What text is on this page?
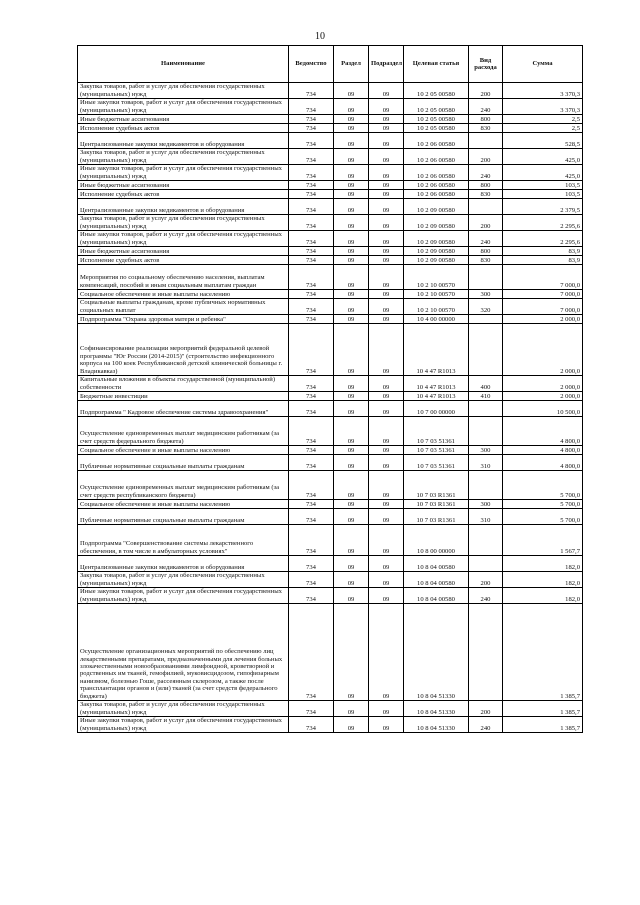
10
Наименование	Ведомство	Раздел	Подраздел	Целевая статья	Вид расхода	Сумма
Закупка товаров, работ и услуг для обеспечения государственных (муниципальных) нужд	734	09	09	10 2 05 00580	200	3 370,3
Иные закупки товаров, работ и услуг для обеспечения государственных (муниципальных) нужд	734	09	09	10 2 05 00580	240	3 370,3
Иные бюджетные ассигнования	734	09	09	10 2 05 00580	800	2,5
Исполнение судебных актов	734	09	09	10 2 05 00580	830	2,5
Централизованные закупки медикаментов и оборудования	734	09	09	10 2 06 00580		528,5
Закупка товаров, работ и услуг для обеспечения государственных (муниципальных) нужд	734	09	09	10 2 06 00580	200	425,0
Иные закупки товаров, работ и услуг для обеспечения государственных (муниципальных) нужд	734	09	09	10 2 06 00580	240	425,0
Иные бюджетные ассигнования	734	09	09	10 2 06 00580	800	103,5
Исполнение судебных актов	734	09	09	10 2 06 00580	830	103,5
Централизованные закупки медикаментов и оборудования	734	09	09	10 2 09 00580		2 379,5
Закупка товаров, работ и услуг для обеспечения государственных (муниципальных) нужд	734	09	09	10 2 09 00580	200	2 295,6
Иные закупки товаров, работ и услуг для обеспечения государственных (муниципальных) нужд	734	09	09	10 2 09 00580	240	2 295,6
Иные бюджетные ассигнования	734	09	09	10 2 09 00580	800	83,9
Исполнение судебных актов	734	09	09	10 2 09 00580	830	83,9
Мероприятия по социальному обеспечению населения, выплатам компенсаций, пособий и иным социальным выплатам граждан	734	09	09	10 2 10 00570		7 000,0
Социальное обеспечение и иные выплаты населению	734	09	09	10 2 10 00570	300	7 000,0
Социальные выплаты гражданам, кроме публичных нормативных социальных выплат	734	09	09	10 2 10 00570	320	7 000,0
Подпрограмма "Охрана здоровья матери и ребенка"	734	09	09	10 4 00 00000		2 000,0
Софинансирование реализации мероприятий федеральной целевой программы "Юг России (2014-2015)" (строительство инфекционного корпуса на 100 коек Республиканской детской клинической больницы г. Владикавказ)	734	09	09	10 4 47 R1013		2 000,0
Капитальные вложения в объекты государственной (муниципальной) собственности	734	09	09	10 4 47 R1013	400	2 000,0
Бюджетные инвестиции	734	09	09	10 4 47 R1013	410	2 000,0
Подпрограмма " Кадровое обеспечение системы здравоохранения"	734	09	09	10 7 00 00000		10 500,0
Осуществление единовременных выплат медицинским работникам (за счет средств федерального бюджета)	734	09	09	10 7 03 51361		4 800,0
Социальное обеспечение и иные выплаты населению	734	09	09	10 7 03 51361	300	4 800,0
Публичные нормативные социальные выплаты гражданам	734	09	09	10 7 03 51361	310	4 800,0
Осуществление единовременных выплат медицинским работникам (за счет средств республиканского бюджета)	734	09	09	10 7 03 R1361		5 700,0
Социальное обеспечение и иные выплаты населению	734	09	09	10 7 03 R1361	300	5 700,0
Публичные нормативные социальные выплаты гражданам	734	09	09	10 7 03 R1361	310	5 700,0
Подпрограмма "Совершенствование системы лекарственного обеспечения, в том числе в амбулаторных условиях"	734	09	09	10 8 00 00000		1 567,7
Централизованные закупки медикаментов и оборудования	734	09	09	10 8 04 00580		182,0
Закупка товаров, работ и услуг для обеспечения государственных (муниципальных) нужд	734	09	09	10 8 04 00580	200	182,0
Иные закупки товаров, работ и услуг для обеспечения государственных (муниципальных) нужд	734	09	09	10 8 04 00580	240	182,0
Осуществление организационных мероприятий по обеспечению лиц лекарственными препаратами, предназначенными для лечения больных злокачественными новообразованиями лимфоидной, кроветворной и родственных им тканей, гемофилией, муковисцидозом, гипофизарным нанизмом, болезнью Гоше, рассеянным склерозом, а также после трансплантации органов и (или) тканей (за счет средств федерального бюджета)	734	09	09	10 8 04 51330		1 385,7
Закупка товаров, работ и услуг для обеспечения государственных (муниципальных) нужд	734	09	09	10 8 04 51330	200	1 385,7
Иные закупки товаров, работ и услуг для обеспечения государственных (муниципальных) нужд	734	09	09	10 8 04 51330	240	1 385,7
